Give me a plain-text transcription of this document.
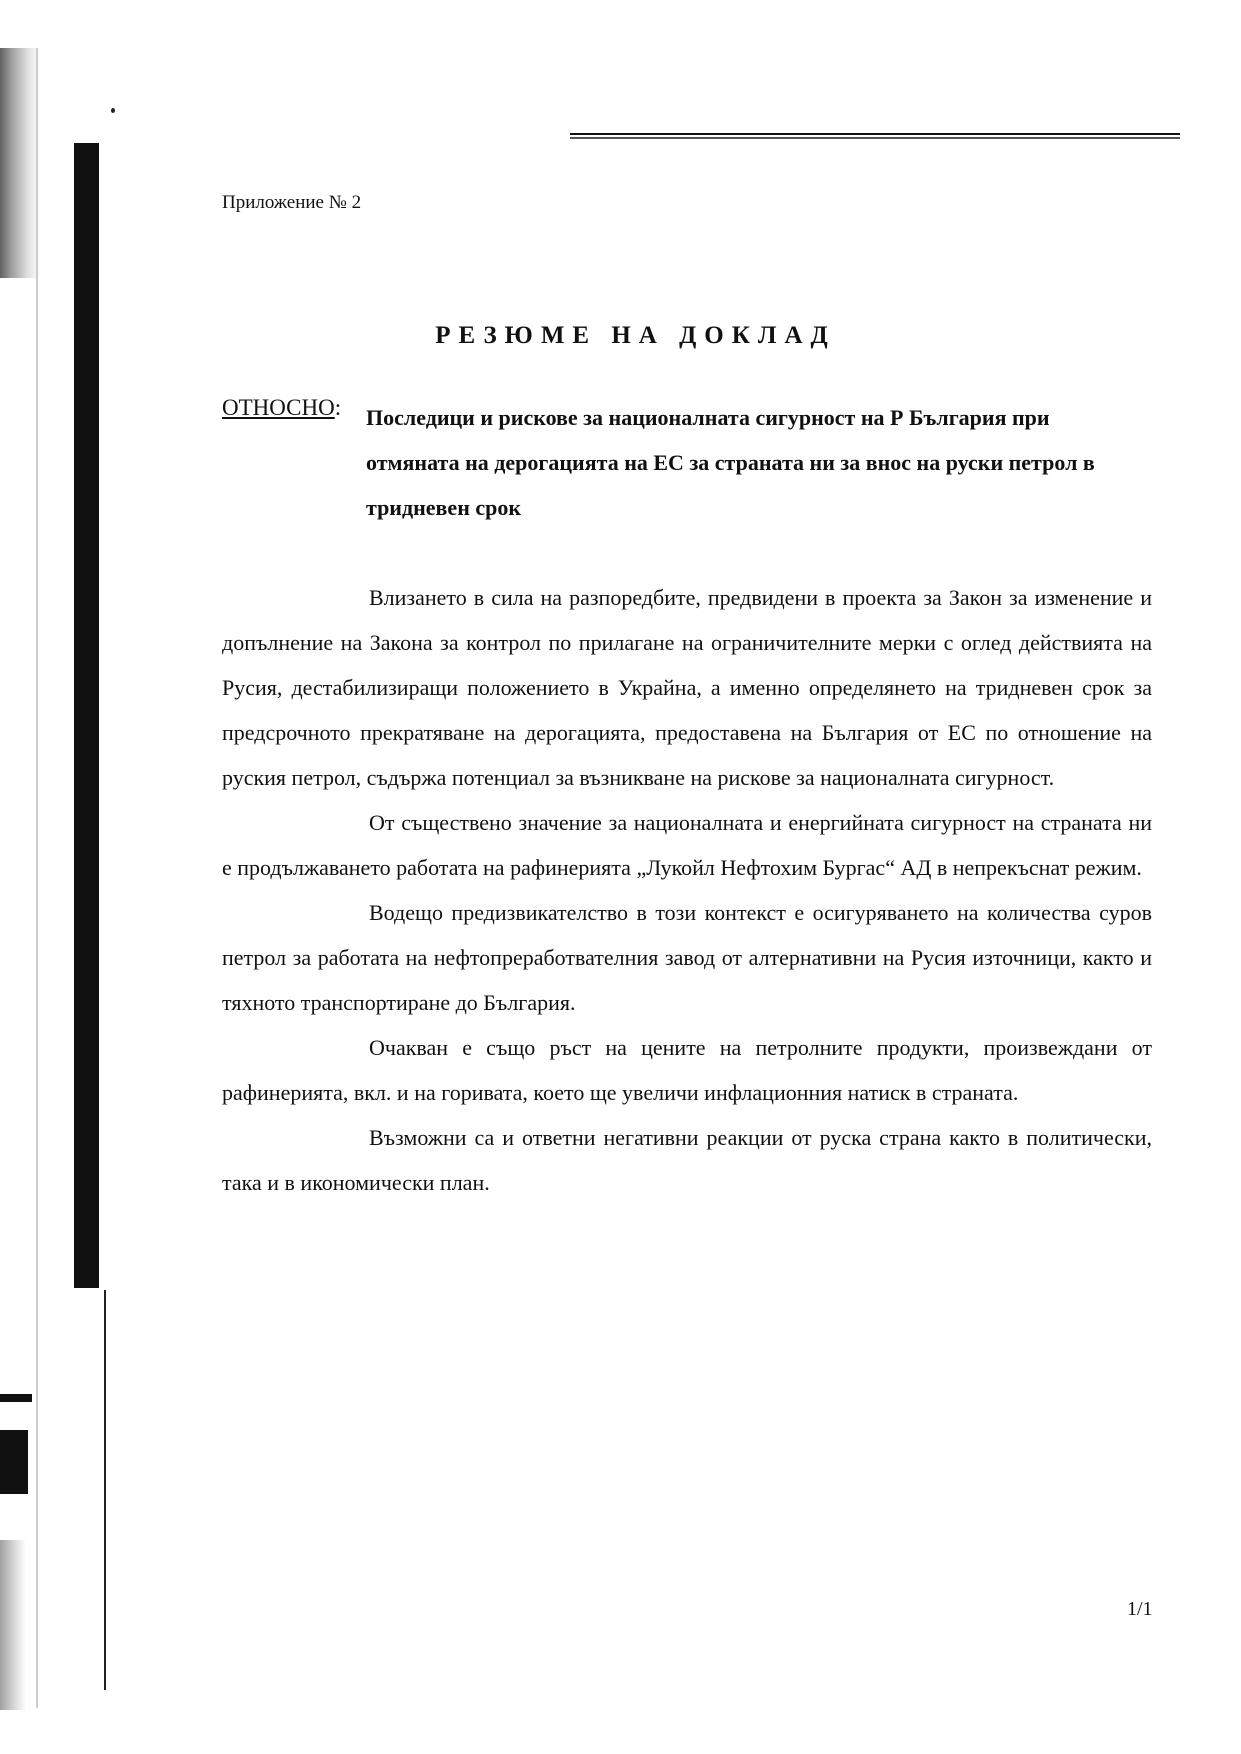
Приложение № 2
РЕЗЮМЕ НА ДОКЛАД
ОТНОСНО: Последици и рискове за националната сигурност на Р България при отмяната на дерогацията на ЕС за страната ни за внос на руски петрол в тридневен срок

Влизането в сила на разпоредбите, предвидени в проекта за Закон за изменение и допълнение на Закона за контрол по прилагане на ограничителните мерки с оглед действията на Русия, дестабилизиращи положението в Украйна, а именно определянето на тридневен срок за предсрочното прекратяване на дерогацията, предоставена на България от ЕС по отношение на руския петрол, съдържа потенциал за възникване на рискове за националната сигурност.

От съществено значение за националната и енергийната сигурност на страната ни е продължаването работата на рафинерията „Лукойл Нефтохим Бургас“ АД в непрекъснат режим.

Водещо предизвикателство в този контекст е осигуряването на количества суров петрол за работата на нефтопреработвателния завод от алтернативни на Русия източници, както и тяхното транспортиране до България.

Очакван е също ръст на цените на петролните продукти, произвеждани от рафинерията, вкл. и на горивата, което ще увеличи инфлационния натиск в страната.

Възможни са и ответни негативни реакции от руска страна както в политически, така и в икономически план.

1/1
